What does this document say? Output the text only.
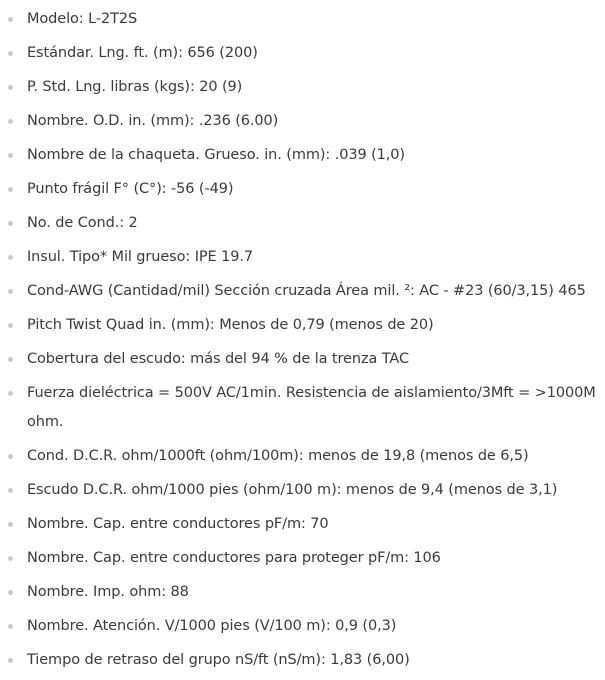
Modelo: L-2T2S
Estándar. Lng. ft. (m): 656 (200)
P. Std. Lng. libras (kgs): 20 (9)
Nombre. O.D. in. (mm): .236 (6.00)
Nombre de la chaqueta. Grueso. in. (mm): .039 (1,0)
Punto frágil F° (C°): -56 (-49)
No. de Cond.: 2
Insul. Tipo* Mil grueso: IPE 19.7
Cond-AWG (Cantidad/mil) Sección cruzada Área mil. ²: AC - #23 (60/3,15) 465
Pitch Twist Quad in. (mm): Menos de 0,79 (menos de 20)
Cobertura del escudo: más del 94 % de la trenza TAC
Fuerza dieléctrica = 500V AC/1min. Resistencia de aislamiento/3Mft = >1000M ohm.
Cond. D.C.R. ohm/1000ft (ohm/100m): menos de 19,8 (menos de 6,5)
Escudo D.C.R. ohm/1000 pies (ohm/100 m): menos de 9,4 (menos de 3,1)
Nombre. Cap. entre conductores pF/m: 70
Nombre. Cap. entre conductores para proteger pF/m: 106
Nombre. Imp. ohm: 88
Nombre. Atención. V/1000 pies (V/100 m): 0,9 (0,3)
Tiempo de retraso del grupo nS/ft (nS/m): 1,83 (6,00)
